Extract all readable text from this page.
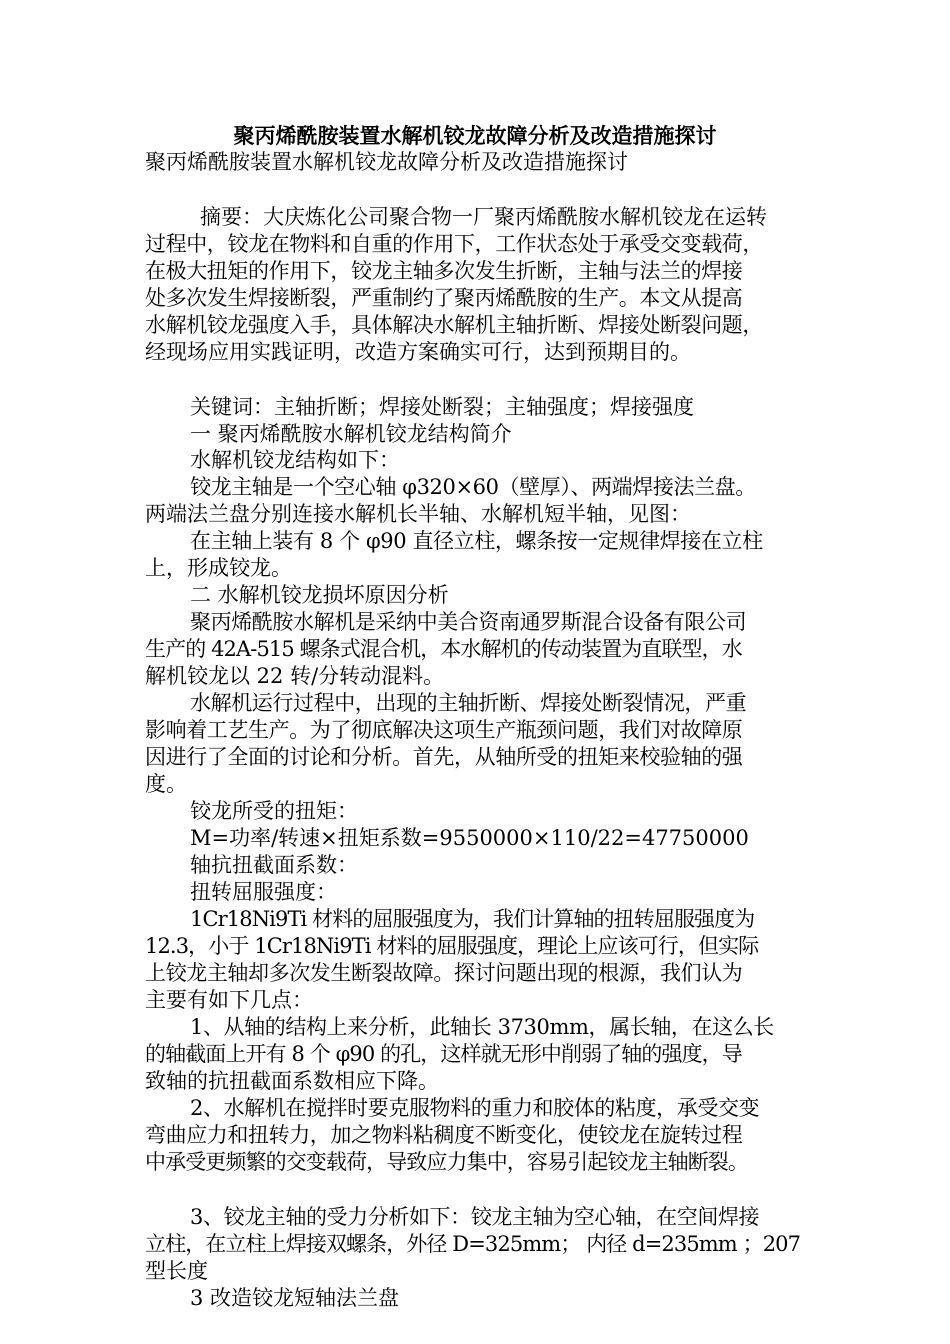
聚丙烯酰胺装置水解机铰龙故障分析及改造措施探讨
聚丙烯酰胺装置水解机铰龙故障分析及改造措施探讨
摘要：大庆炼化公司聚合物一厂聚丙烯酰胺水解机铰龙在运转
过程中，铰龙在物料和自重的作用下，工作状态处于承受交变载荷，
在极大扭矩的作用下，铰龙主轴多次发生折断，主轴与法兰的焊接
处多次发生焊接断裂，严重制约了聚丙烯酰胺的生产。本文从提高
水解机铰龙强度入手，具体解决水解机主轴折断、焊接处断裂问题，
经现场应用实践证明，改造方案确实可行，达到预期目的。
关键词：主轴折断；焊接处断裂；主轴强度；焊接强度
一 聚丙烯酰胺水解机铰龙结构简介
水解机铰龙结构如下：
铰龙主轴是一个空心轴 φ320×60（壁厚）、两端焊接法兰盘。
两端法兰盘分别连接水解机长半轴、水解机短半轴，见图：
在主轴上装有 8 个 φ90 直径立柱，螺条按一定规律焊接在立柱
上，形成铰龙。
二 水解机铰龙损坏原因分析
聚丙烯酰胺水解机是采纳中美合资南通罗斯混合设备有限公司
生产的 42A-515 螺条式混合机，本水解机的传动装置为直联型，水
解机铰龙以 22 转/分转动混料。
水解机运行过程中，出现的主轴折断、焊接处断裂情况，严重
影响着工艺生产。为了彻底解决这项生产瓶颈问题，我们对故障原
因进行了全面的讨论和分析。首先，从轴所受的扭矩来校验轴的强
度。
铰龙所受的扭矩：
M=功率/转速×扭矩系数=9550000×110/22=47750000
轴抗扭截面系数：
扭转屈服强度：
1Cr18Ni9Ti 材料的屈服强度为，我们计算轴的扭转屈服强度为
12.3，小于 1Cr18Ni9Ti 材料的屈服强度，理论上应该可行，但实际
上铰龙主轴却多次发生断裂故障。探讨问题出现的根源，我们认为
主要有如下几点：
1、从轴的结构上来分析，此轴长 3730mm，属长轴，在这么长
的轴截面上开有 8 个 φ90 的孔，这样就无形中削弱了轴的强度，导
致轴的抗扭截面系数相应下降。
2、水解机在搅拌时要克服物料的重力和胶体的粘度，承受交变
弯曲应力和扭转力，加之物料粘稠度不断变化，使铰龙在旋转过程
中承受更频繁的交变载荷，导致应力集中，容易引起铰龙主轴断裂。
3、铰龙主轴的受力分析如下：铰龙主轴为空心轴，在空间焊接
立柱，在立柱上焊接双螺条，外径 D=325mm； 内径 d=235mm ；207
型长度
3 改造铰龙短轴法兰盘
